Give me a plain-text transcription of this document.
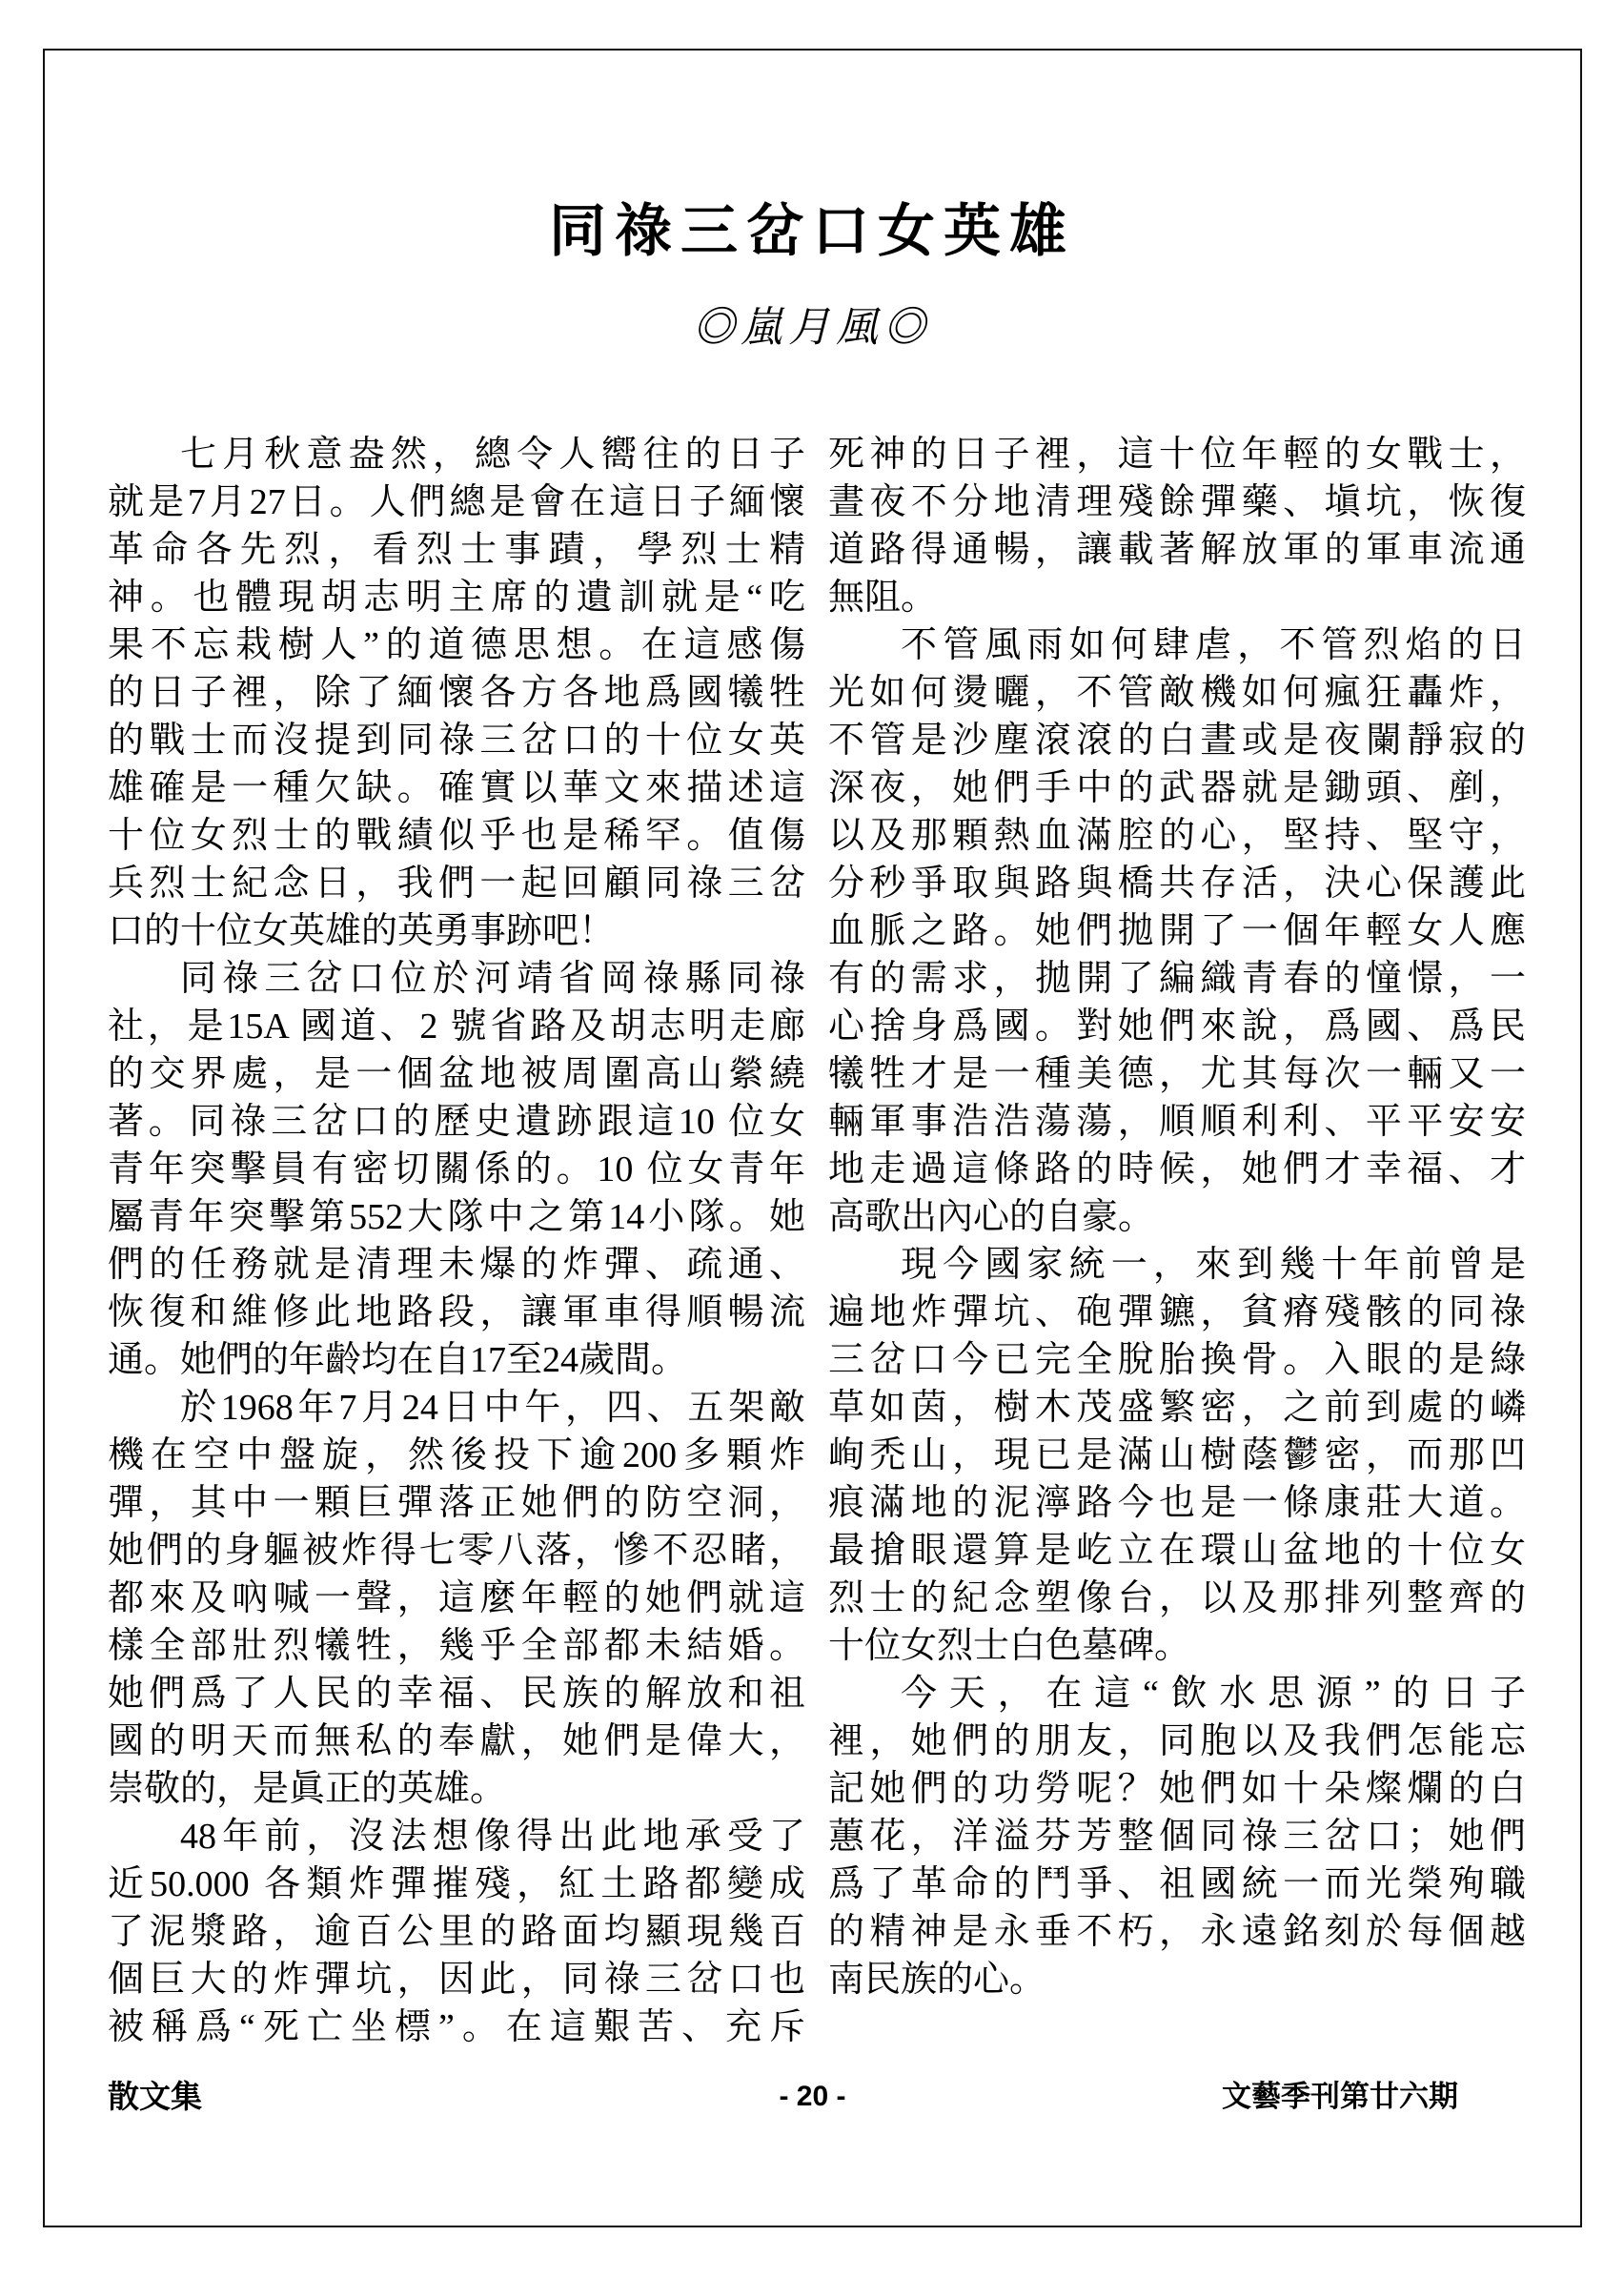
同祿三岔口女英雄
◎嵐月風◎
七月秋意盎然，總令人嚮往的日子
就是7月27日。人們總是會在這日子緬懷
革命各先烈，看烈士事蹟，學烈士精
神。也體現胡志明主席的遺訓就是“吃
果不忘栽樹人”的道德思想。在這感傷
的日子裡，除了緬懷各方各地爲國犧牲
的戰士而沒提到同祿三岔口的十位女英
雄確是一種欠缺。確實以華文來描述這
十位女烈士的戰績似乎也是稀罕。值傷
兵烈士紀念日，我們一起回顧同祿三岔
口的十位女英雄的英勇事跡吧！
同祿三岔口位於河靖省岡祿縣同祿
社，是15A 國道、2 號省路及胡志明走廊
的交界處，是一個盆地被周圍高山縈繞
著。同祿三岔口的歷史遺跡跟這10 位女
青年突擊員有密切關係的。10 位女青年
屬青年突擊第552大隊中之第14小隊。她
們的任務就是清理未爆的炸彈、疏通、
恢復和維修此地路段，讓軍車得順暢流
通。她們的年齡均在自17至24歲間。
於1968年7月24日中午，四、五架敵
機在空中盤旋，然後投下逾200多顆炸
彈，其中一顆巨彈落正她們的防空洞，
她們的身軀被炸得七零八落，慘不忍睹，
都來及吶喊一聲，這麼年輕的她們就這
樣全部壯烈犧牲，幾乎全部都未結婚。
她們爲了人民的幸福、民族的解放和祖
國的明天而無私的奉獻，她們是偉大，
崇敬的，是眞正的英雄。
48年前，沒法想像得出此地承受了
近50.000 各類炸彈摧殘，紅土路都變成
了泥漿路，逾百公里的路面均顯現幾百
個巨大的炸彈坑，因此，同祿三岔口也
被稱爲“死亡坐標”。在這艱苦、充斥
死神的日子裡，這十位年輕的女戰士，
晝夜不分地清理殘餘彈藥、塡坑，恢復
道路得通暢，讓載著解放軍的軍車流通
無阻。
不管風雨如何肆虐，不管烈焰的日
光如何燙曬，不管敵機如何瘋狂轟炸，
不管是沙塵滾滾的白晝或是夜闌靜寂的
深夜，她們手中的武器就是鋤頭、剷，
以及那顆熱血滿腔的心，堅持、堅守，
分秒爭取與路與橋共存活，決心保護此
血脈之路。她們拋開了一個年輕女人應
有的需求，拋開了編織青春的憧憬，一
心捨身爲國。對她們來說，爲國、爲民
犧牲才是一種美德，尤其每次一輛又一
輛軍事浩浩蕩蕩，順順利利、平平安安
地走過這條路的時候，她們才幸福、才
高歌出內心的自豪。
現今國家統一，來到幾十年前曾是
遍地炸彈坑、砲彈鑣，貧瘠殘骸的同祿
三岔口今已完全脫胎換骨。入眼的是綠
草如茵，樹木茂盛繁密，之前到處的嶙
峋禿山，現已是滿山樹蔭鬱密，而那凹
痕滿地的泥濘路今也是一條康莊大道。
最搶眼還算是屹立在環山盆地的十位女
烈士的紀念塑像台，以及那排列整齊的
十位女烈士白色墓碑。
今天，在這“飲水思源”的日子
裡，她們的朋友，同胞以及我們怎能忘
記她們的功勞呢？她們如十朵燦爛的白
蕙花，洋溢芬芳整個同祿三岔口；她們
爲了革命的鬥爭、祖國統一而光榮殉職
的精神是永垂不朽，永遠銘刻於每個越
南民族的心。
- 20 -
散文集	文藝季刊第廿六期
